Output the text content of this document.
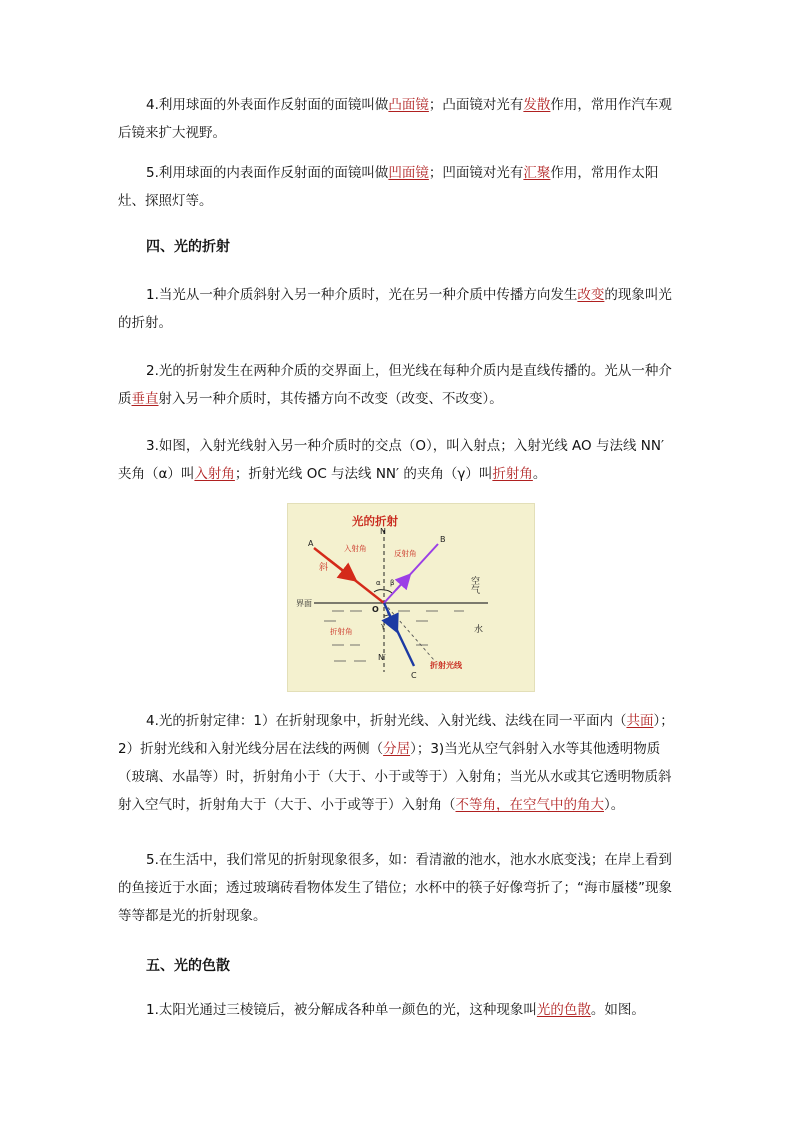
4.利用球面的外表面作反射面的面镜叫做凸面镜；凸面镜对光有发散作用，常用作汽车观后镜来扩大视野。

5.利用球面的内表面作反射面的面镜叫做凹面镜；凹面镜对光有汇聚作用，常用作太阳灶、探照灯等。

四、光的折射

1.当光从一种介质斜射入另一种介质时，光在另一种介质中传播方向发生改变的现象叫光的折射。

2.光的折射发生在两种介质的交界面上，但光线在每种介质内是直线传播的。光从一种介质垂直射入另一种介质时，其传播方向不改变（改变、不改变）。

3.如图，入射光线射入另一种介质时的交点（O），叫入射点；入射光线 AO 与法线 NN′ 夹角（α）叫入射角；折射光线 OC 与法线 NN′ 的夹角（γ）叫折射角。

光的折射
界面
N
N′
A
斜
B
C
O
入射角
反射角
α β
γ
折射角
折射光线
空气
水

4.光的折射定律：1）在折射现象中，折射光线、入射光线、法线在同一平面内（共面）；2）折射光线和入射光线分居在法线的两侧（分居）；3)当光从空气斜射入水等其他透明物质（玻璃、水晶等）时，折射角小于（大于、小于或等于）入射角；当光从水或其它透明物质斜射入空气时，折射角大于（大于、小于或等于）入射角（不等角，在空气中的角大）。

5.在生活中，我们常见的折射现象很多，如：看清澈的池水，池水水底变浅；在岸上看到的鱼接近于水面；透过玻璃砖看物体发生了错位；水杯中的筷子好像弯折了；“海市蜃楼”现象等等都是光的折射现象。

五、光的色散

1.太阳光通过三棱镜后，被分解成各种单一颜色的光，这种现象叫光的色散。如图。
